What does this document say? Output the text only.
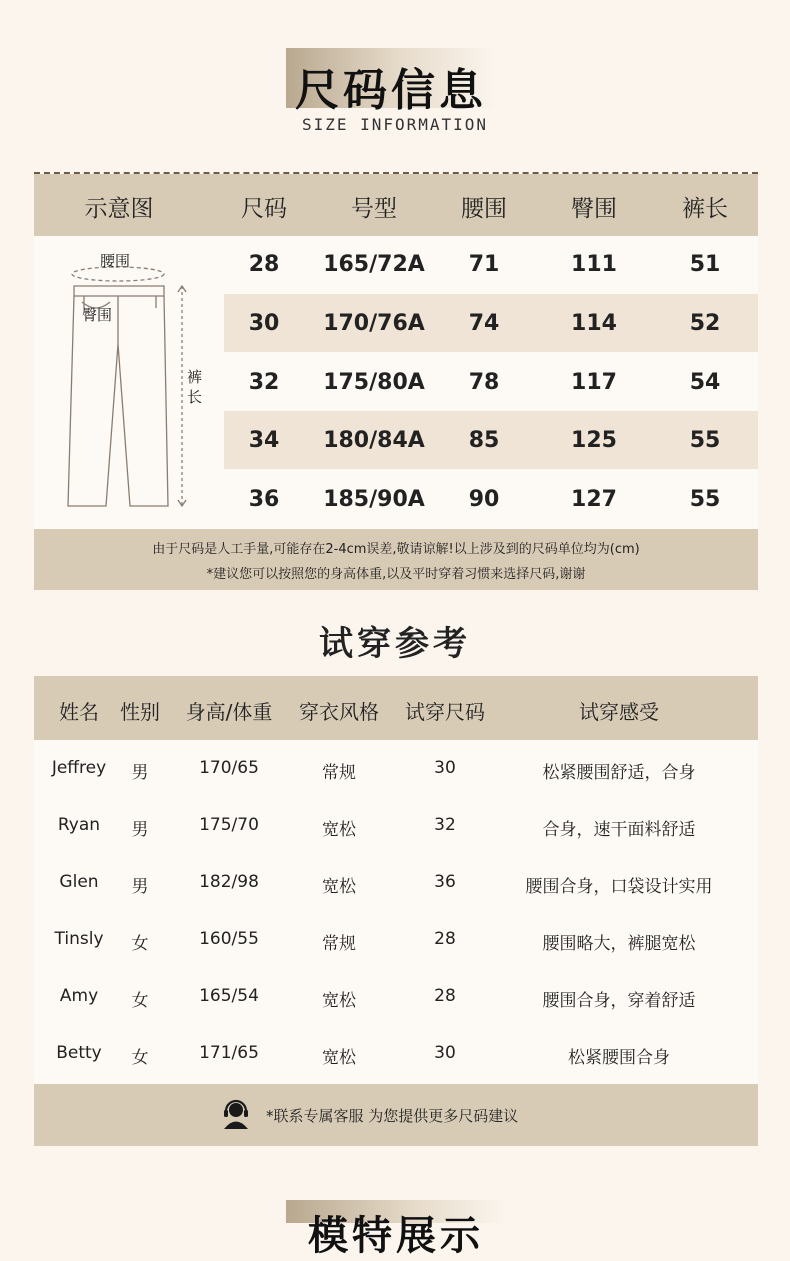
尺码信息
SIZE INFORMATION
示意图	尺码	号型	腰围	臀围	裤长
腰围
臀围
裤
长
28	165/72A	71	111	51
30	170/76A	74	114	52
32	175/80A	78	117	54
34	180/84A	85	125	55
36	185/90A	90	127	55
由于尺码是人工手量,可能存在2-4cm误差,敬请谅解!以上涉及到的尺码单位均为(cm)
*建议您可以按照您的身高体重,以及平时穿着习惯来选择尺码,谢谢
试穿参考
姓名	性别	身高/体重	穿衣风格	试穿尺码	试穿感受
Jeffrey	男	170/65	常规	30	松紧腰围舒适，合身
Ryan	男	175/70	宽松	32	合身，速干面料舒适
Glen	男	182/98	宽松	36	腰围合身，口袋设计实用
Tinsly	女	160/55	常规	28	腰围略大，裤腿宽松
Amy	女	165/54	宽松	28	腰围合身，穿着舒适
Betty	女	171/65	宽松	30	松紧腰围合身
*联系专属客服 为您提供更多尺码建议
模特展示
